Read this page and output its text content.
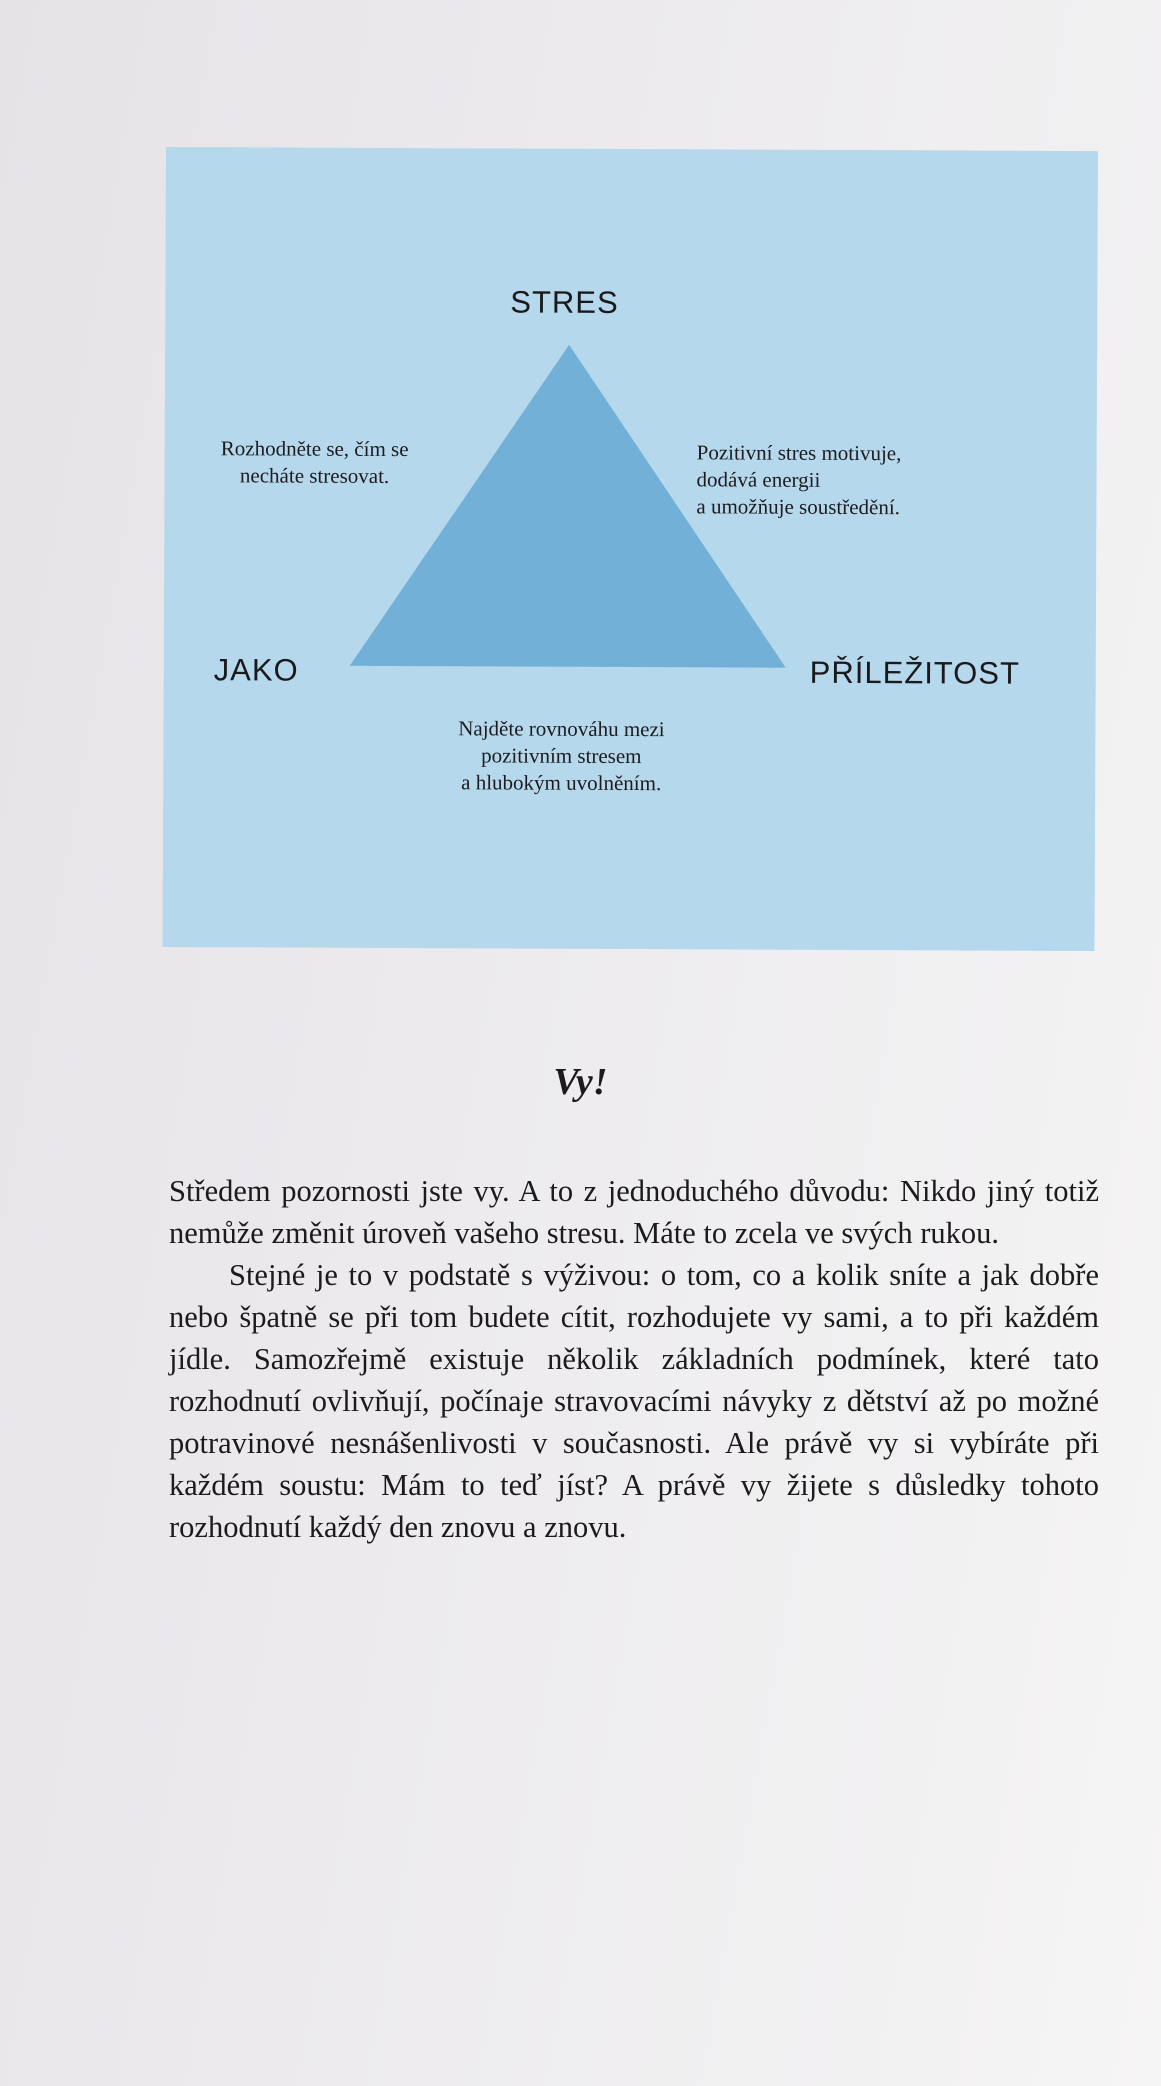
STRES
JAKO	PŘÍLEŽITOST
Rozhodněte se, čím se
necháte stresovat.
Pozitivní stres motivuje,
dodává energii
a umožňuje soustředění.
Najděte rovnováhu mezi
pozitivním stresem
a hlubokým uvolněním.
Vy!

Středem pozornosti jste vy. A to z jednoduchého důvodu: Nikdo jiný totiž nemůže změnit úroveň vašeho stresu. Máte to zcela ve svých rukou.

Stejné je to v podstatě s výživou: o tom, co a kolik sníte a jak dobře nebo špatně se při tom budete cítit, rozhodujete vy sami, a to při každém jídle. Samozřejmě existuje několik základních podmínek, které tato rozhodnutí ovlivňují, počínaje stravovacími návyky z dětství až po možné potravinové nesnášenlivosti v současnosti. Ale právě vy si vybíráte při každém soustu: Mám to teď jíst? A právě vy žijete s důsledky tohoto rozhodnutí každý den znovu a znovu.
